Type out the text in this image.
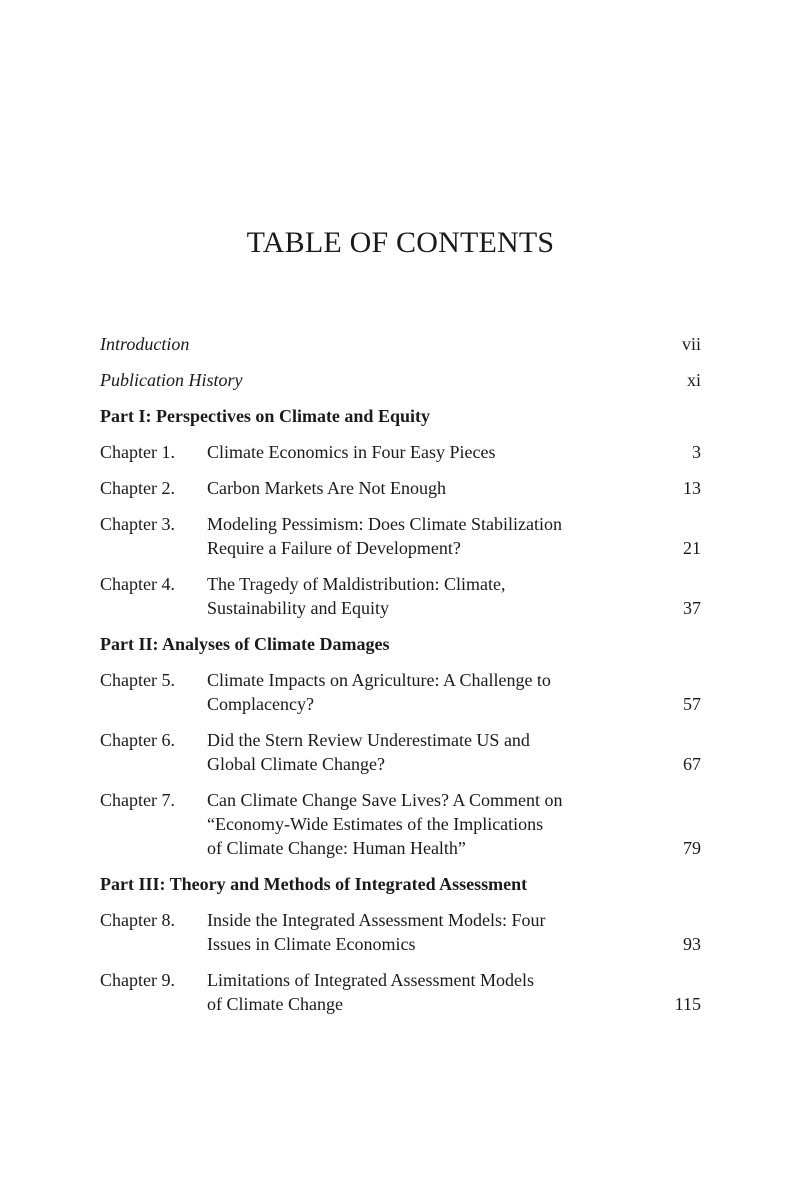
TABLE OF CONTENTS
Introduction	vii
Publication History	xi
Part I: Perspectives on Climate and Equity
Chapter 1.	Climate Economics in Four Easy Pieces	3
Chapter 2.	Carbon Markets Are Not Enough	13
Chapter 3.	Modeling Pessimism: Does Climate Stabilization
Require a Failure of Development?	21
Chapter 4.	The Tragedy of Maldistribution: Climate,
Sustainability and Equity	37
Part II: Analyses of Climate Damages
Chapter 5.	Climate Impacts on Agriculture: A Challenge to
Complacency?	57
Chapter 6.	Did the Stern Review Underestimate US and
Global Climate Change?	67
Chapter 7.	Can Climate Change Save Lives? A Comment on
“Economy-Wide Estimates of the Implications
of Climate Change: Human Health”	79
Part III: Theory and Methods of Integrated Assessment
Chapter 8.	Inside the Integrated Assessment Models: Four
Issues in Climate Economics	93
Chapter 9.	Limitations of Integrated Assessment Models
of Climate Change	115
